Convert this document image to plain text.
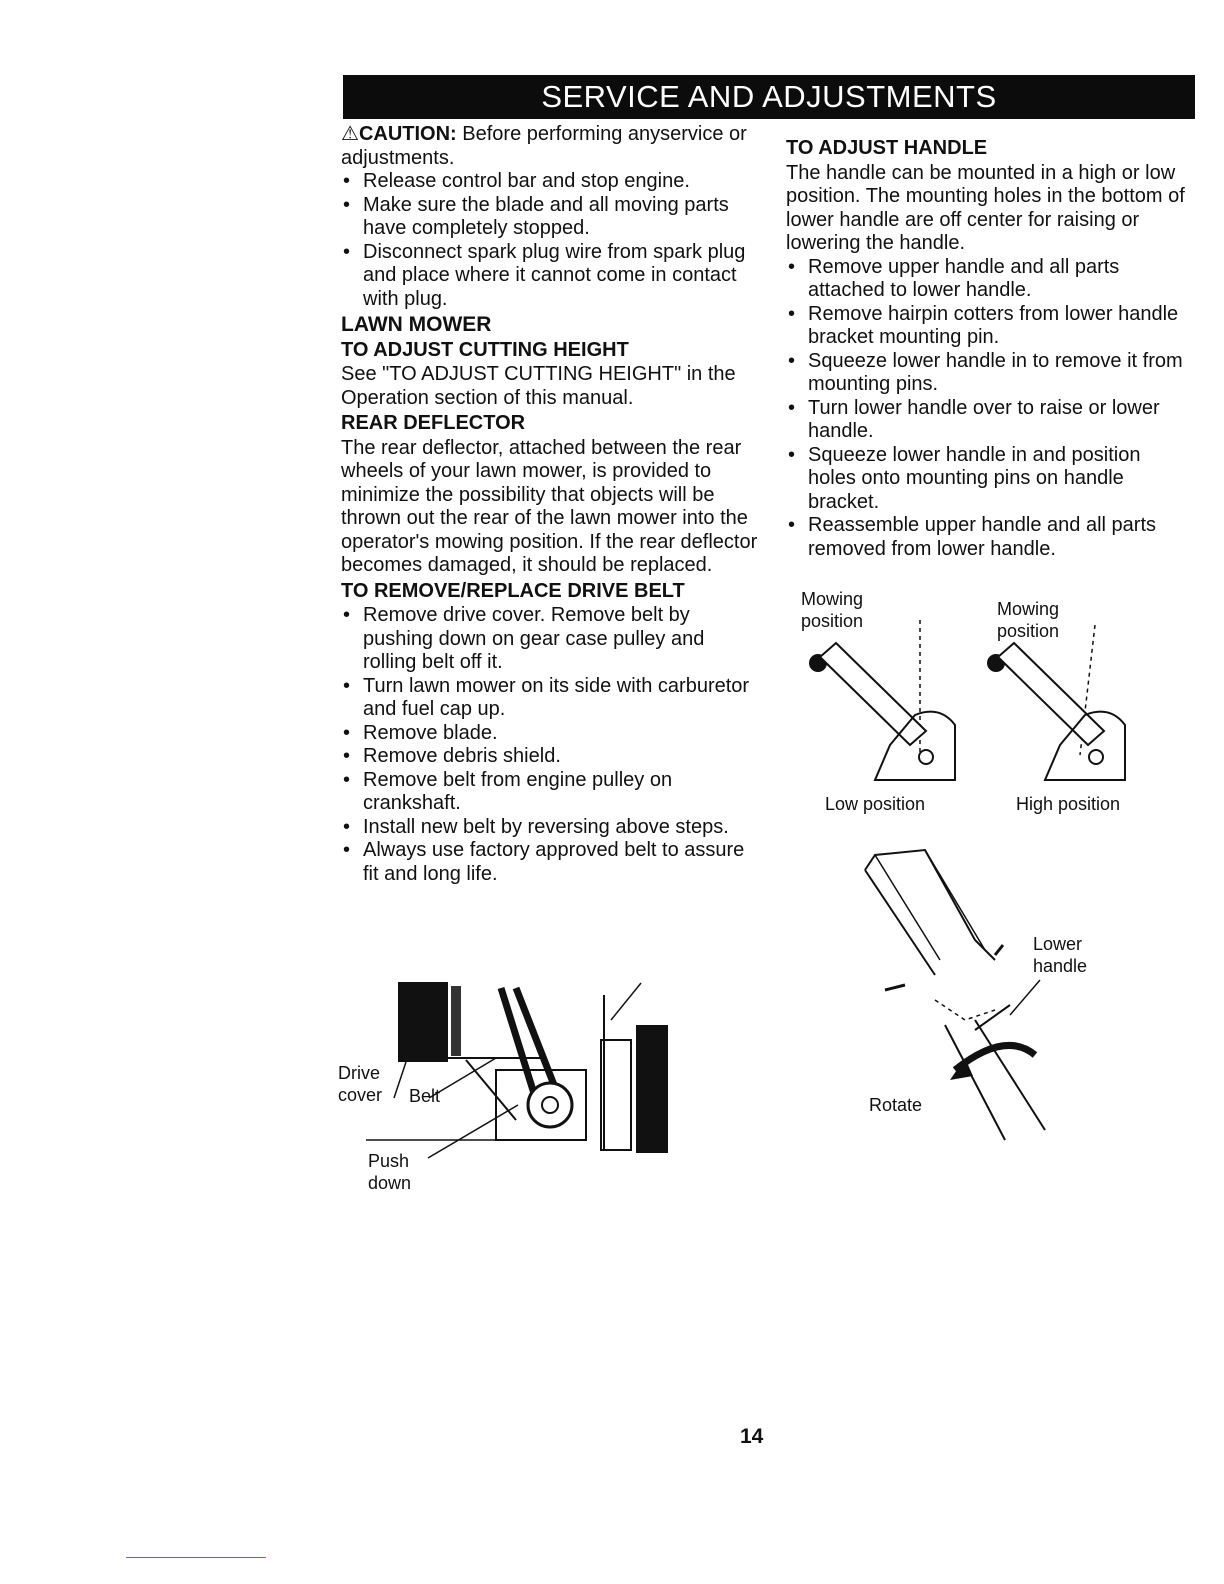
SERVICE AND ADJUSTMENTS

⚠CAUTION: Before performing anyservice or adjustments.

• Release control bar and stop engine.
• Make sure the blade and all moving parts have completely stopped.
• Disconnect spark plug wire from spark plug and place where it cannot come in contact with plug.
LAWN MOWER
TO ADJUST CUTTING HEIGHT

See "TO ADJUST CUTTING HEIGHT" in the Operation section of this manual.

REAR DEFLECTOR

The rear deflector, attached between the rear wheels of your lawn mower, is provided to minimize the possibility that objects will be thrown out the rear of the lawn mower into the operator's mowing position. If the rear deflector becomes damaged, it should be replaced.

TO REMOVE/REPLACE DRIVE BELT
• Remove drive cover. Remove belt by pushing down on gear case pulley and rolling belt off it.
• Turn lawn mower on its side with carburetor and fuel cap up.
• Remove blade.
• Remove debris shield.
• Remove belt from engine pulley on crankshaft.
• Install new belt by reversing above steps.
• Always use factory approved belt to assure fit and long life.
Drive
cover Belt
Push
down
TO ADJUST HANDLE

The handle can be mounted in a high or low position. The mounting holes in the bottom of lower handle are off center for raising or lowering the handle.

• Remove upper handle and all parts attached to lower handle.
• Remove hairpin cotters from lower handle bracket mounting pin.
• Squeeze lower handle in to remove it from mounting pins.
• Turn lower handle over to raise or lower handle.
• Squeeze lower handle in and position holes onto mounting pins on handle bracket.
• Reassemble upper handle and all parts removed from lower handle.
Mowing
position
Mowing
position
Low position	High position
Lower
handle
Rotate
14
